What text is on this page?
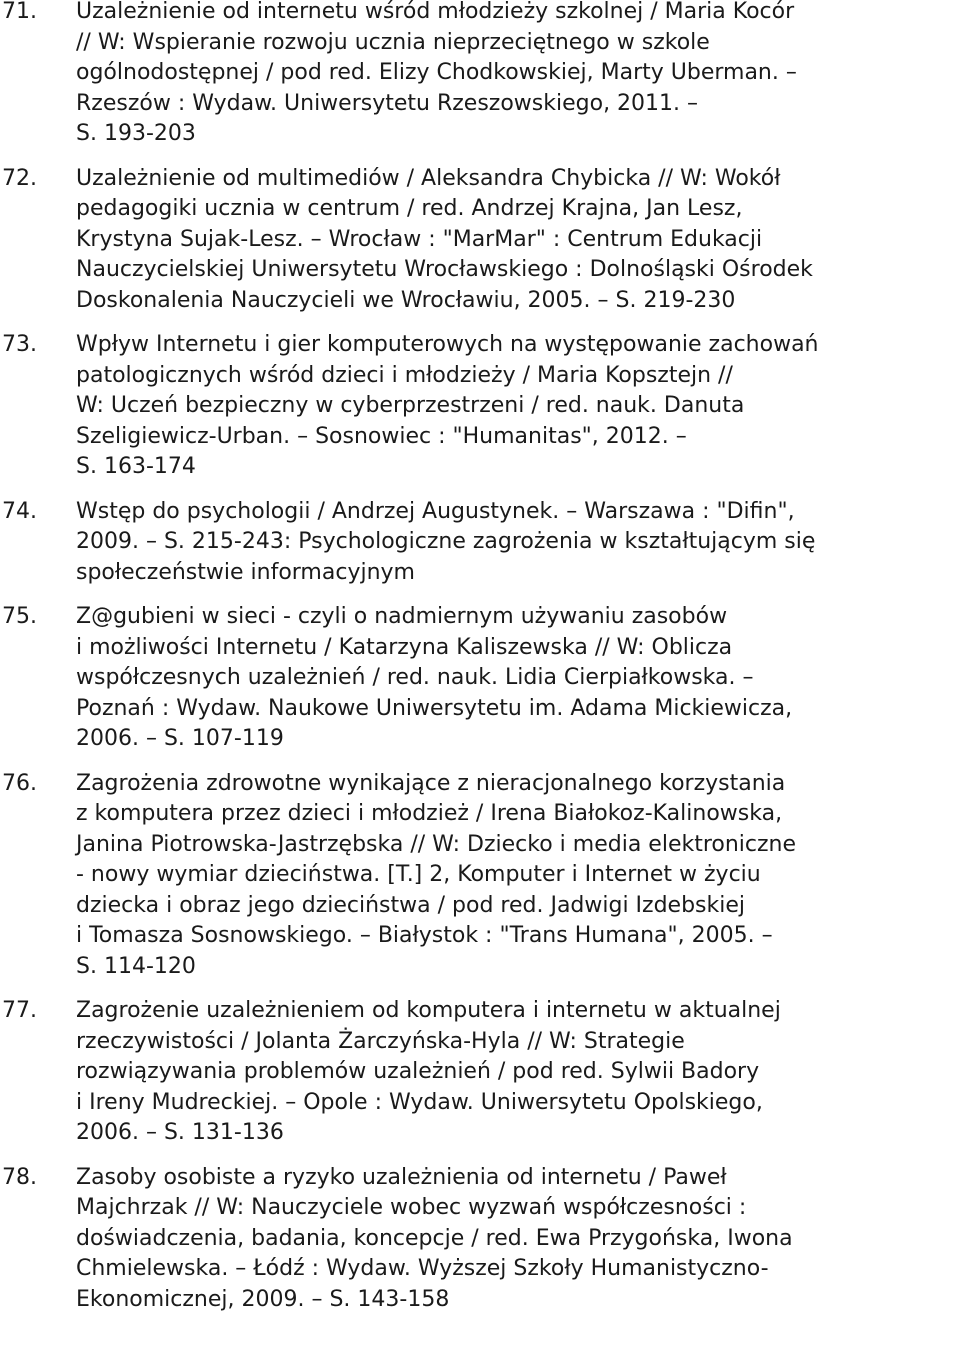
71.	Uzależnienie od internetu wśród młodzieży szkolnej / Maria Kocór
// W: Wspieranie rozwoju ucznia nieprzeciętnego w szkole
ogólnodostępnej / pod red. Elizy Chodkowskiej, Marty Uberman. –
Rzeszów : Wydaw. Uniwersytetu Rzeszowskiego, 2011. –
S. 193-203
72.	Uzależnienie od multimediów / Aleksandra Chybicka // W: Wokół
pedagogiki ucznia w centrum / red. Andrzej Krajna, Jan Lesz,
Krystyna Sujak-Lesz. – Wrocław : "MarMar" : Centrum Edukacji
Nauczycielskiej Uniwersytetu Wrocławskiego : Dolnośląski Ośrodek
Doskonalenia Nauczycieli we Wrocławiu, 2005. – S. 219-230
73.	Wpływ Internetu i gier komputerowych na występowanie zachowań
patologicznych wśród dzieci i młodzieży / Maria Kopsztejn //
W: Uczeń bezpieczny w cyberprzestrzeni / red. nauk. Danuta
Szeligiewicz-Urban. – Sosnowiec : "Humanitas", 2012. –
S. 163-174
74.	Wstęp do psychologii / Andrzej Augustynek. – Warszawa : "Difin",
2009. – S. 215-243: Psychologiczne zagrożenia w kształtującym się
społeczeństwie informacyjnym
75.	Z@gubieni w sieci - czyli o nadmiernym używaniu zasobów
i możliwości Internetu / Katarzyna Kaliszewska // W: Oblicza
współczesnych uzależnień / red. nauk. Lidia Cierpiałkowska. –
Poznań : Wydaw. Naukowe Uniwersytetu im. Adama Mickiewicza,
2006. – S. 107-119
76.	Zagrożenia zdrowotne wynikające z nieracjonalnego korzystania
z komputera przez dzieci i młodzież / Irena Białokoz-Kalinowska,
Janina Piotrowska-Jastrzębska // W: Dziecko i media elektroniczne
- nowy wymiar dzieciństwa. [T.] 2, Komputer i Internet w życiu
dziecka i obraz jego dzieciństwa / pod red. Jadwigi Izdebskiej
i Tomasza Sosnowskiego. – Białystok : "Trans Humana", 2005. –
S. 114-120
77.	Zagrożenie uzależnieniem od komputera i internetu w aktualnej
rzeczywistości / Jolanta Żarczyńska-Hyla // W: Strategie
rozwiązywania problemów uzależnień / pod red. Sylwii Badory
i Ireny Mudreckiej. – Opole : Wydaw. Uniwersytetu Opolskiego,
2006. – S. 131-136
78.	Zasoby osobiste a ryzyko uzależnienia od internetu / Paweł
Majchrzak // W: Nauczyciele wobec wyzwań współczesności :
doświadczenia, badania, koncepcje / red. Ewa Przygońska, Iwona
Chmielewska. – Łódź : Wydaw. Wyższej Szkoły Humanistyczno-
Ekonomicznej, 2009. – S. 143-158
